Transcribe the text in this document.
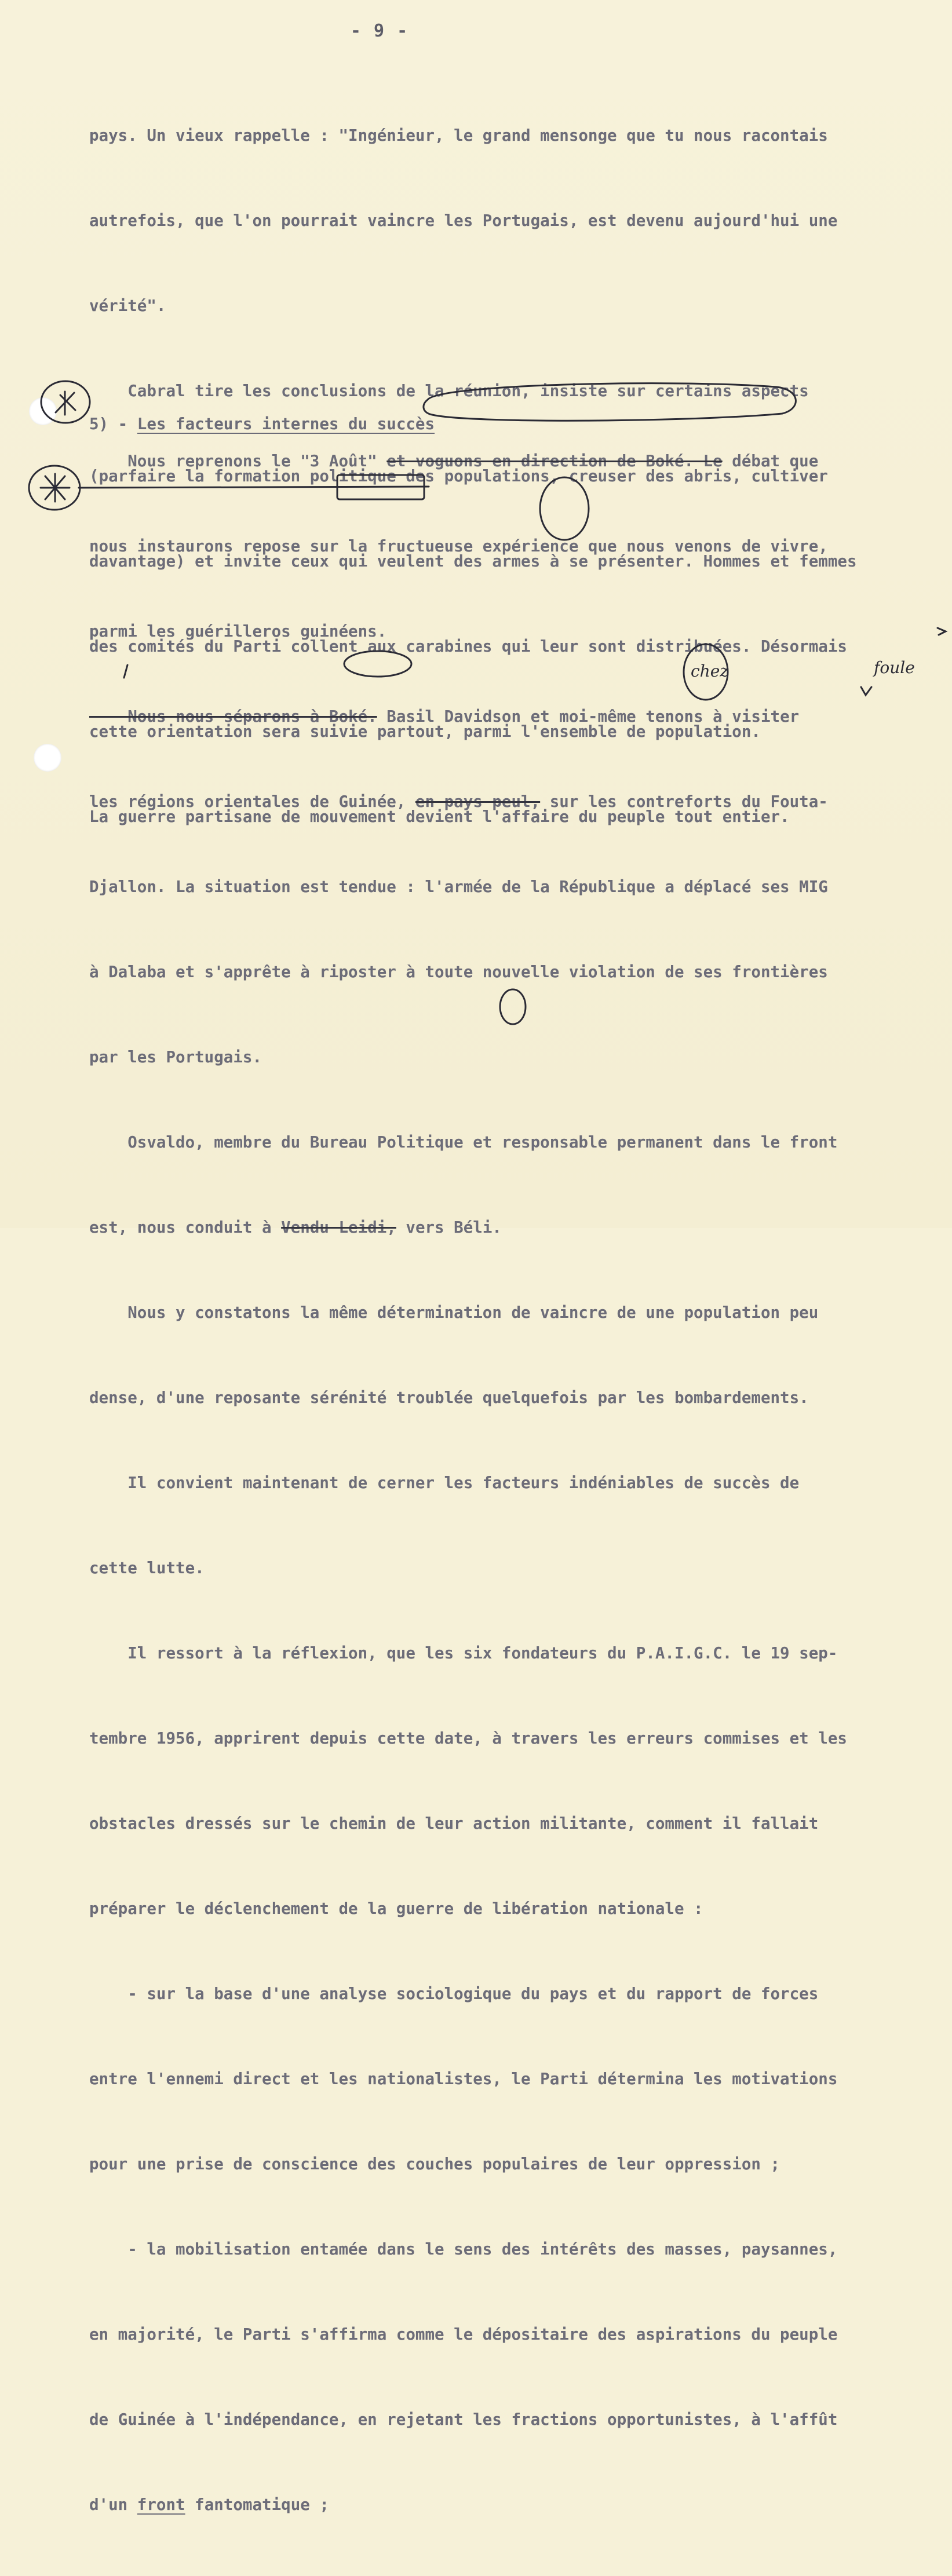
- 9 -

pays. Un vieux rappelle : "Ingénieur, le grand mensonge que tu nous racontais

autrefois, que l'on pourrait vaincre les Portugais, est devenu aujourd'hui une

vérité".

Cabral tire les conclusions de la réunion, insiste sur certains aspects

(parfaire la formation politique des populations, creuser des abris, cultiver

davantage) et invite ceux qui veulent des armes à se présenter. Hommes et femmes

des comités du Parti collent aux carabines qui leur sont distribuées. Désormais

cette orientation sera suivie partout, parmi l'ensemble de population.

La guerre partisane de mouvement devient l'affaire du peuple tout entier.

5) - Les facteurs internes du succès

Nous reprenons le "3 Août" et voguons en direction de Boké. Le débat que

nous instaurons repose sur la fructueuse expérience que nous venons de vivre,

parmi les guérilleros guinéens.

Nous nous séparons à Boké. Basil Davidson et moi-même tenons à visiter

les régions orientales de Guinée, en pays peul, sur les contreforts du Fouta-

Djallon. La situation est tendue : l'armée de la République a déplacé ses MIG

à Dalaba et s'apprête à riposter à toute nouvelle violation de ses frontières

par les Portugais.

Osvaldo, membre du Bureau Politique et responsable permanent dans le front

est, nous conduit à Vendu Leidi, vers Béli.

Nous y constatons la même détermination de vaincre de une population peu

dense, d'une reposante sérénité troublée quelquefois par les bombardements.

Il convient maintenant de cerner les facteurs indéniables de succès de

cette lutte.

Il ressort à la réflexion, que les six fondateurs du P.A.I.G.C. le 19 sep-

tembre 1956, apprirent depuis cette date, à travers les erreurs commises et les

obstacles dressés sur le chemin de leur action militante, comment il fallait

préparer le déclenchement de la guerre de libération nationale :

- sur la base d'une analyse sociologique du pays et du rapport de forces

entre l'ennemi direct et les nationalistes, le Parti détermina les motivations

pour une prise de conscience des couches populaires de leur oppression ;

- la mobilisation entamée dans le sens des intérêts des masses, paysannes,

en majorité, le Parti s'affirma comme le dépositaire des aspirations du peuple

de Guinée à l'indépendance, en rejetant les fractions opportunistes, à l'affût

d'un front fantomatique ;

chez	foule
